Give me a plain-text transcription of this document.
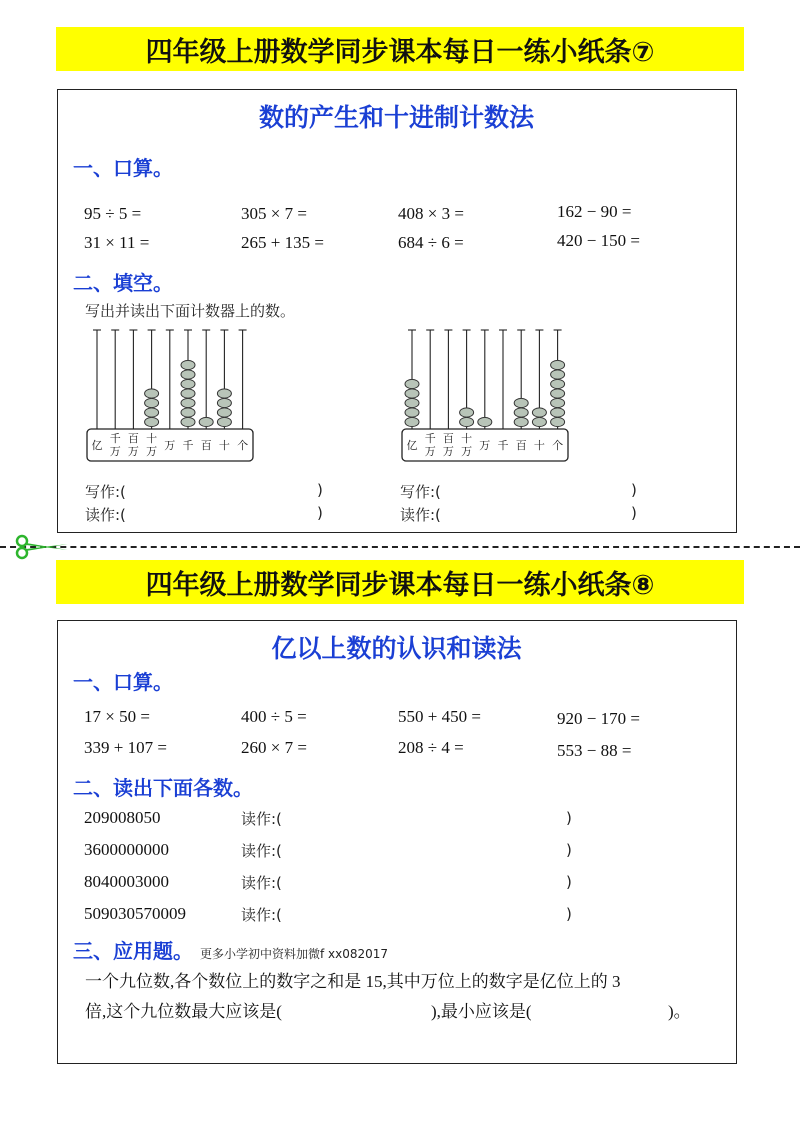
四年级上册数学同步课本每日一练小纸条⑦
数的产生和十进制计数法
一、口算。
95 ÷ 5 =	305 × 7 =	408 × 3 =	162 − 90 =
31 × 11 =	265 + 135 =	684 ÷ 6 =	420 − 150 =
二、填空。
写出并读出下面计数器上的数。
亿
千万
百万
十万 万 千 百 十 个	亿
千万
百万
十万 万 千 百 十 个
写作:(	)
读作:(	)
写作:(	)
读作:(	)
四年级上册数学同步课本每日一练小纸条⑧
亿以上数的认识和读法
一、口算。
17 × 50 =	400 ÷ 5 =	550 + 450 =	920 − 170 =
339 + 107 =	260 × 7 =	208 ÷ 4 =	553 − 88 =
二、读出下面各数。
209008050	读作:(	)
3600000000	读作:(	)
8040003000	读作:(	)
509030570009	读作:(	)
三、应用题。 更多小学初中资料加微f xx082017
一个九位数,各个数位上的数字之和是 15,其中万位上的数字是亿位上的 3
倍,这个九位数最大应该是(	),最小应该是(	)。
